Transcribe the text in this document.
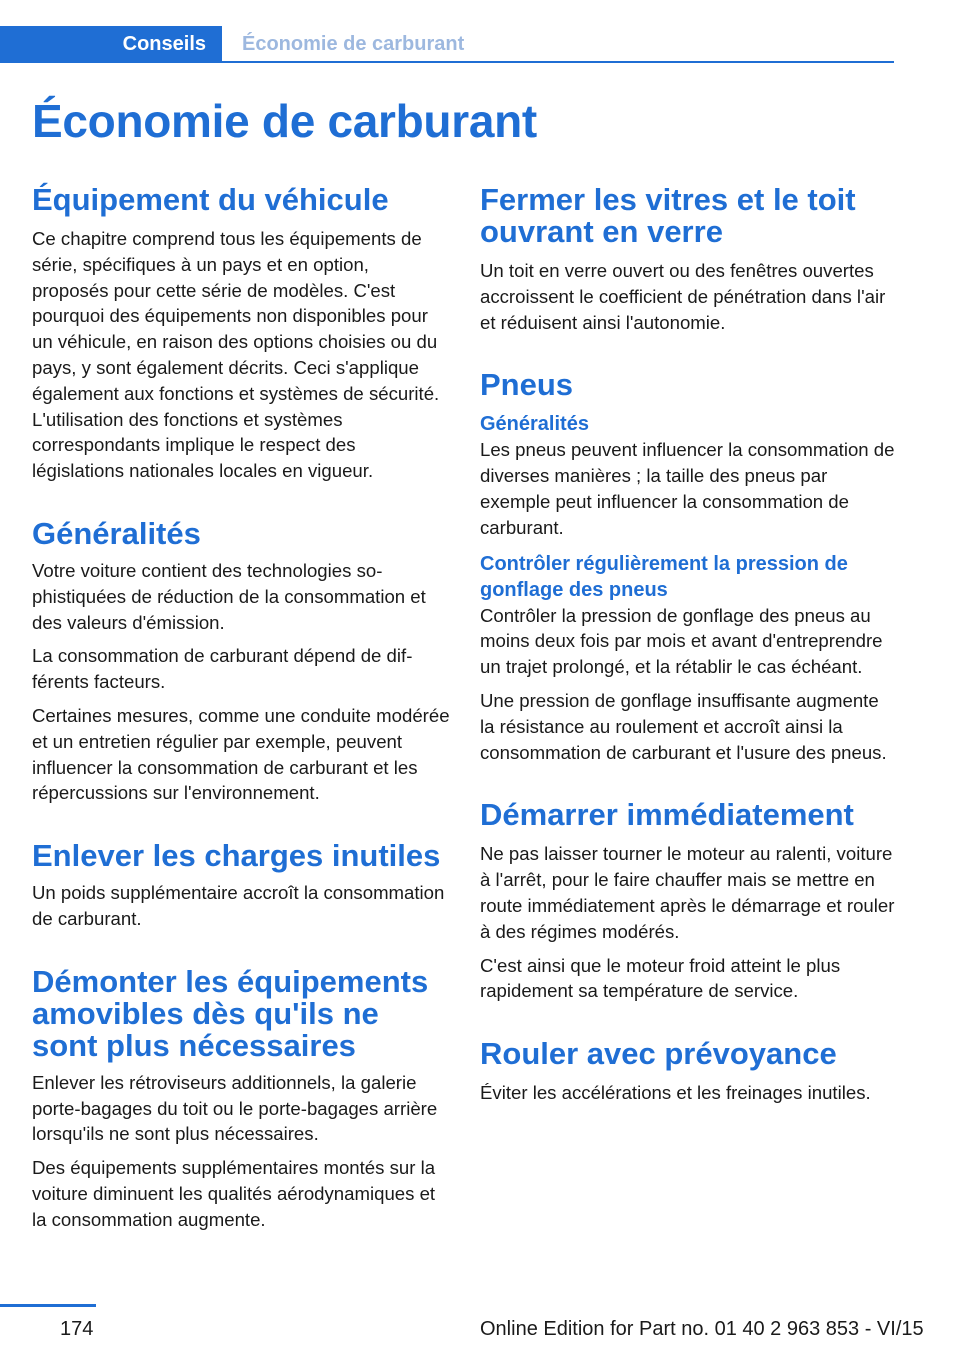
Conseils	Économie de carburant
Économie de carburant
Équipement du véhicule

Ce chapitre comprend tous les équipements de série, spécifiques à un pays et en option, proposés pour cette série de modèles. C'est pourquoi des équipements non disponibles pour un véhicule, en raison des options choisies ou du pays, y sont également décrits. Ceci s'applique également aux fonctions et systèmes de sécurité. L'utilisation des fonctions et systèmes correspondants implique le respect des législations nationales locales en vigueur.

Généralités

Votre voiture contient des technologies sophistiquées de réduction de la consommation et des valeurs d'émission.

La consommation de carburant dépend de différents facteurs.

Certaines mesures, comme une conduite modérée et un entretien régulier par exemple, peuvent influencer la consommation de carburant et les répercussions sur l'environnement.

Enlever les charges inutiles

Un poids supplémentaire accroît la consommation de carburant.

Démonter les équipements amovibles dès qu'ils ne sont plus nécessaires

Enlever les rétroviseurs additionnels, la galerie porte-bagages du toit ou le porte-bagages arrière lorsqu'ils ne sont plus nécessaires.

Des équipements supplémentaires montés sur la voiture diminuent les qualités aérodynamiques et la consommation augmente.

Fermer les vitres et le toit ouvrant en verre

Un toit en verre ouvert ou des fenêtres ouvertes accroissent le coefficient de pénétration dans l'air et réduisent ainsi l'autonomie.

Pneus
Généralités

Les pneus peuvent influencer la consommation de diverses manières ; la taille des pneus par exemple peut influencer la consommation de carburant.

Contrôler régulièrement la pression de gonflage des pneus

Contrôler la pression de gonflage des pneus au moins deux fois par mois et avant d'entreprendre un trajet prolongé, et la rétablir le cas échéant.

Une pression de gonflage insuffisante augmente la résistance au roulement et accroît ainsi la consommation de carburant et l'usure des pneus.

Démarrer immédiatement

Ne pas laisser tourner le moteur au ralenti, voiture à l'arrêt, pour le faire chauffer mais se mettre en route immédiatement après le démarrage et rouler à des régimes modérés.

C'est ainsi que le moteur froid atteint le plus rapidement sa température de service.

Rouler avec prévoyance

Éviter les accélérations et les freinages inutiles.

174	Online Edition for Part no. 01 40 2 963 853 - VI/15
